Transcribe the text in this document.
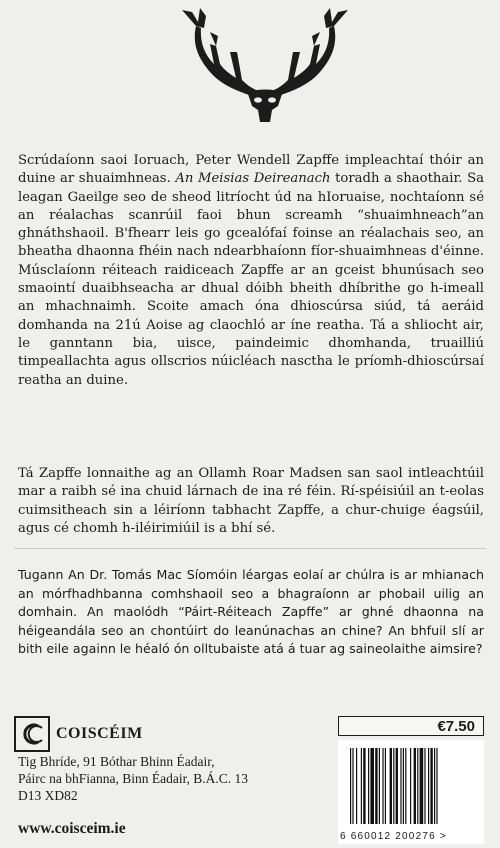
Scrúdaíonn saoi Ioruach, Peter Wendell Zapffe impleachtaí thóir an duine ar shuaimhneas. An Meisias Deireanach toradh a shaothair. Sa leagan Gaeilge seo de sheod litríocht úd na hIoruaise, nochtaíonn sé an réalachas scanrúil faoi bhun screamh “shuaimhneach”an ghnáthshaoil. B'fhearr leis go gcealófaí foinse an réalachais seo, an bheatha dhaonna fhéin nach ndearbhaíonn fíor-shuaimhneas d'éinne. Músclaíonn réiteach raidiceach Zapffe ar an gceist bhunúsach seo smaointí duaibhseacha ar dhual dóibh bheith dhíbrithe go h-imeall an mhachnaimh. Scoite amach óna dhioscúrsa siúd, tá aeráid domhanda na 21ú Aoise ag claochló ar íne reatha. Tá a shliocht air, le ganntann bia, uisce, paindeimic dhomhanda, truailliú timpeallachta agus ollscrios núicléach nasctha le príomh-dhioscúrsaí reatha an duine.

Tá Zapffe lonnaithe ag an Ollamh Roar Madsen san saol intleachtúil mar a raibh sé ina chuid lárnach de ina ré féin. Rí-spéisiúil an t-eolas cuimsitheach sin a léiríonn tabhacht Zapffe, a chur-chuige éagsúil, agus cé chomh h-iléirimiúil is a bhí sé.

Tugann An Dr. Tomás Mac Síomóin léargas eolaí ar chúlra is ar mhianach an mórfhadhbanna comhshaoil seo a bhagraíonn ar phobail uilig an domhain. An maolódh “Páirt-Réiteach Zapffe” ar ghné dhaonna na héigeandála seo an chontúirt do leanúnachas an chine? An bhfuil slí ar bith eile againn le héaló ón olltubaiste atá á tuar ag saineolaithe aimsire?

COISCÉIM
Tig Bhríde, 91 Bóthar Bhinn Éadair,
Páirc na bhFianna, Binn Éadair, B.Á.C. 13
D13 XD82
www.coisceim.ie
€7.50
6 660012 200276 >
